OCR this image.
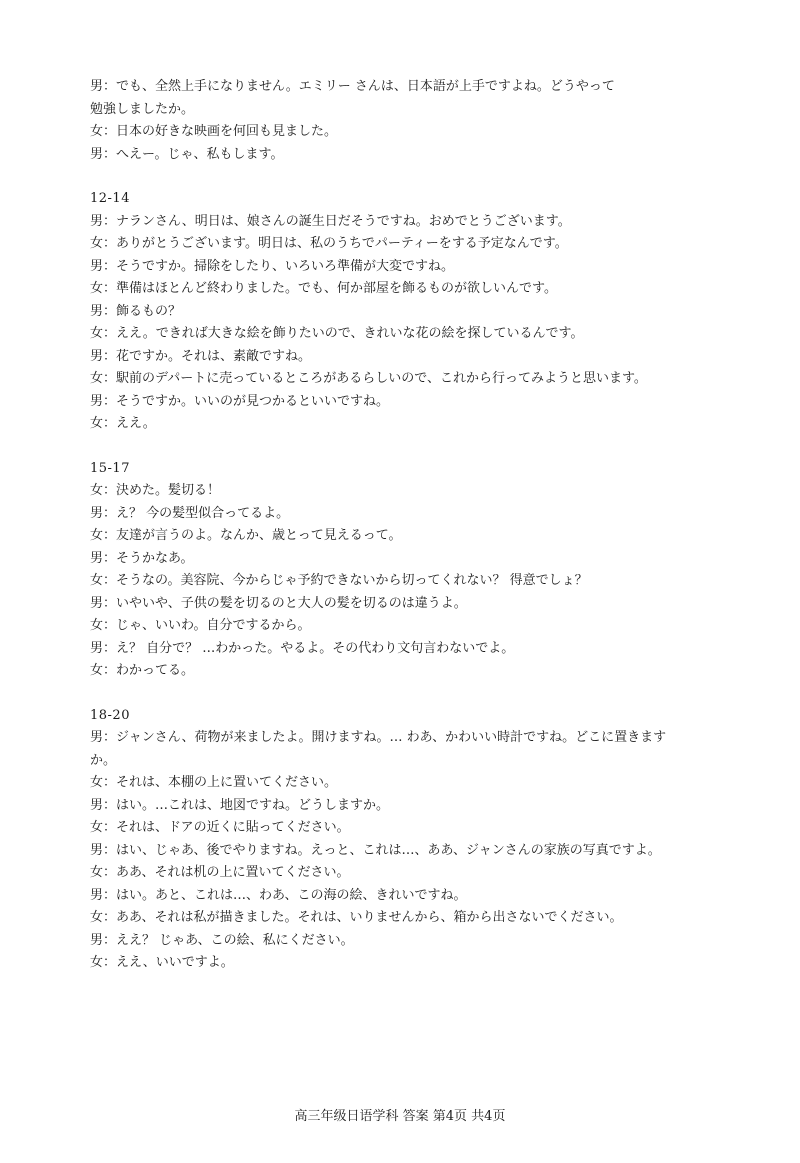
男：でも、全然上手になりません。エミリー さんは、日本語が上手ですよね。どうやって
勉強しましたか。
女：日本の好きな映画を何回も見ました。
男：へえー。じゃ、私もします。
12-14
男：ナランさん、明日は、娘さんの誕生日だそうですね。おめでとうございます。
女：ありがとうございます。明日は、私のうちでパーティーをする予定なんです。
男：そうですか。掃除をしたり、いろいろ準備が大変ですね。
女：準備はほとんど終わりました。でも、何か部屋を飾るものが欲しいんです。
男：飾るもの？
女：ええ。できれば大きな絵を飾りたいので、きれいな花の絵を探しているんです。
男：花ですか。それは、素敵ですね。
女：駅前のデパートに売っているところがあるらしいので、これから行ってみようと思います。
男：そうですか。いいのが見つかるといいですね。
女：ええ。
15-17
女：決めた。髪切る！
男：え？ 今の髪型似合ってるよ。
女：友達が言うのよ。なんか、歳とって見えるって。
男：そうかなあ。
女：そうなの。美容院、今からじゃ予約できないから切ってくれない？ 得意でしょ？
男：いやいや、子供の髪を切るのと大人の髪を切るのは違うよ。
女：じゃ、いいわ。自分でするから。
男：え？ 自分で？ …わかった。やるよ。その代わり文句言わないでよ。
女：わかってる。
18-20
男：ジャンさん、荷物が来ましたよ。開けますね。… わあ、かわいい時計ですね。どこに置きます
か。
女：それは、本棚の上に置いてください。
男：はい。…これは、地図ですね。どうしますか。
女：それは、ドアの近くに貼ってください。
男：はい、じゃあ、後でやりますね。えっと、これは…、ああ、ジャンさんの家族の写真ですよ。
女：ああ、それは机の上に置いてください。
男：はい。あと、これは…、わあ、この海の絵、きれいですね。
女：ああ、それは私が描きました。それは、いりませんから、箱から出さないでください。
男：ええ？ じゃあ、この絵、私にください。
女：ええ、いいですよ。
高三年级日语学科 答案 第4页 共4页
